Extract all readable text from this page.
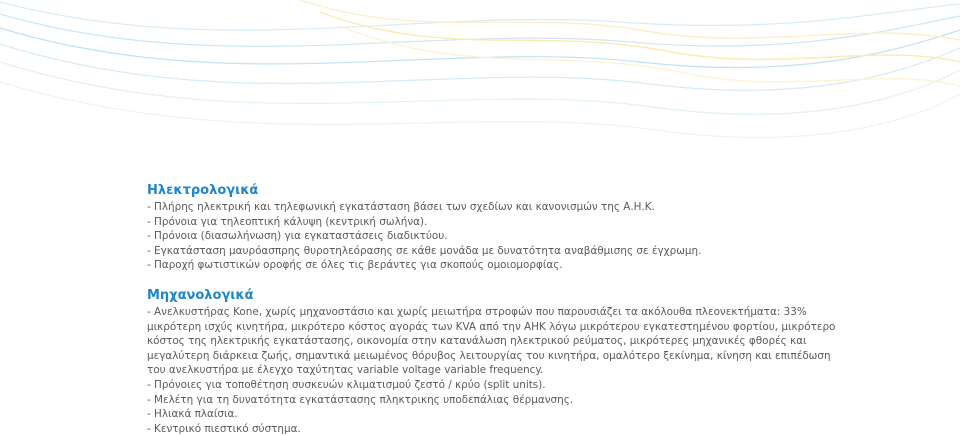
Ηλεκτρολογικά
- Πλήρης ηλεκτρική και τηλεφωνική εγκατάσταση βάσει των σχεδίων και κανονισμών της Α.Η.Κ.
- Πρόνοια για τηλεοπτική κάλυψη (κεντρική σωλήνα).
- Πρόνοια (διασωλήνωση) για εγκαταστάσεις διαδικτύου.
- Εγκατάσταση μαυρόασπρης θυροτηλεόρασης σε κάθε μονάδα με δυνατότητα αναβάθμισης σε έγχρωμη.
- Παροχή φωτιστικών οροφής σε όλες τις βεράντες για σκοπούς ομοιομορφίας.
Μηχανολογικά
- Ανελκυστήρας Kone, χωρίς μηχανοστάσιο και χωρίς μειωτήρα στροφών που παρουσιάζει τα ακόλουθα πλεονεκτήματα: 33%
μικρότερη ισχύς κινητήρα, μικρότερο κόστος αγοράς των KVA από την ΑΗΚ λόγω μικρότερου εγκατεστημένου φορτίου, μικρότερο
κόστος της ηλεκτρικής εγκατάστασης, οικονομία στην κατανάλωση ηλεκτρικού ρεύματος, μικρότερες μηχανικές φθορές και
μεγαλύτερη διάρκεια ζωής, σημαντικά μειωμένος θόρυβος λειτουργίας του κινητήρα, ομαλότερο ξεκίνημα, κίνηση και επιπέδωση
του ανελκυστήρα με έλεγχο ταχύτητας variable voltage variable frequency.
- Πρόνοιες για τοποθέτηση συσκευών κλιματισμού ζεστό / κρύο (split units).
- Μελέτη για τη δυνατότητα εγκατάστασης πληκτρικης υποδεπάλιας θέρμανσης.
- Ηλιακά πλαίσια.
- Κεντρικό πιεστικό σύστημα.
